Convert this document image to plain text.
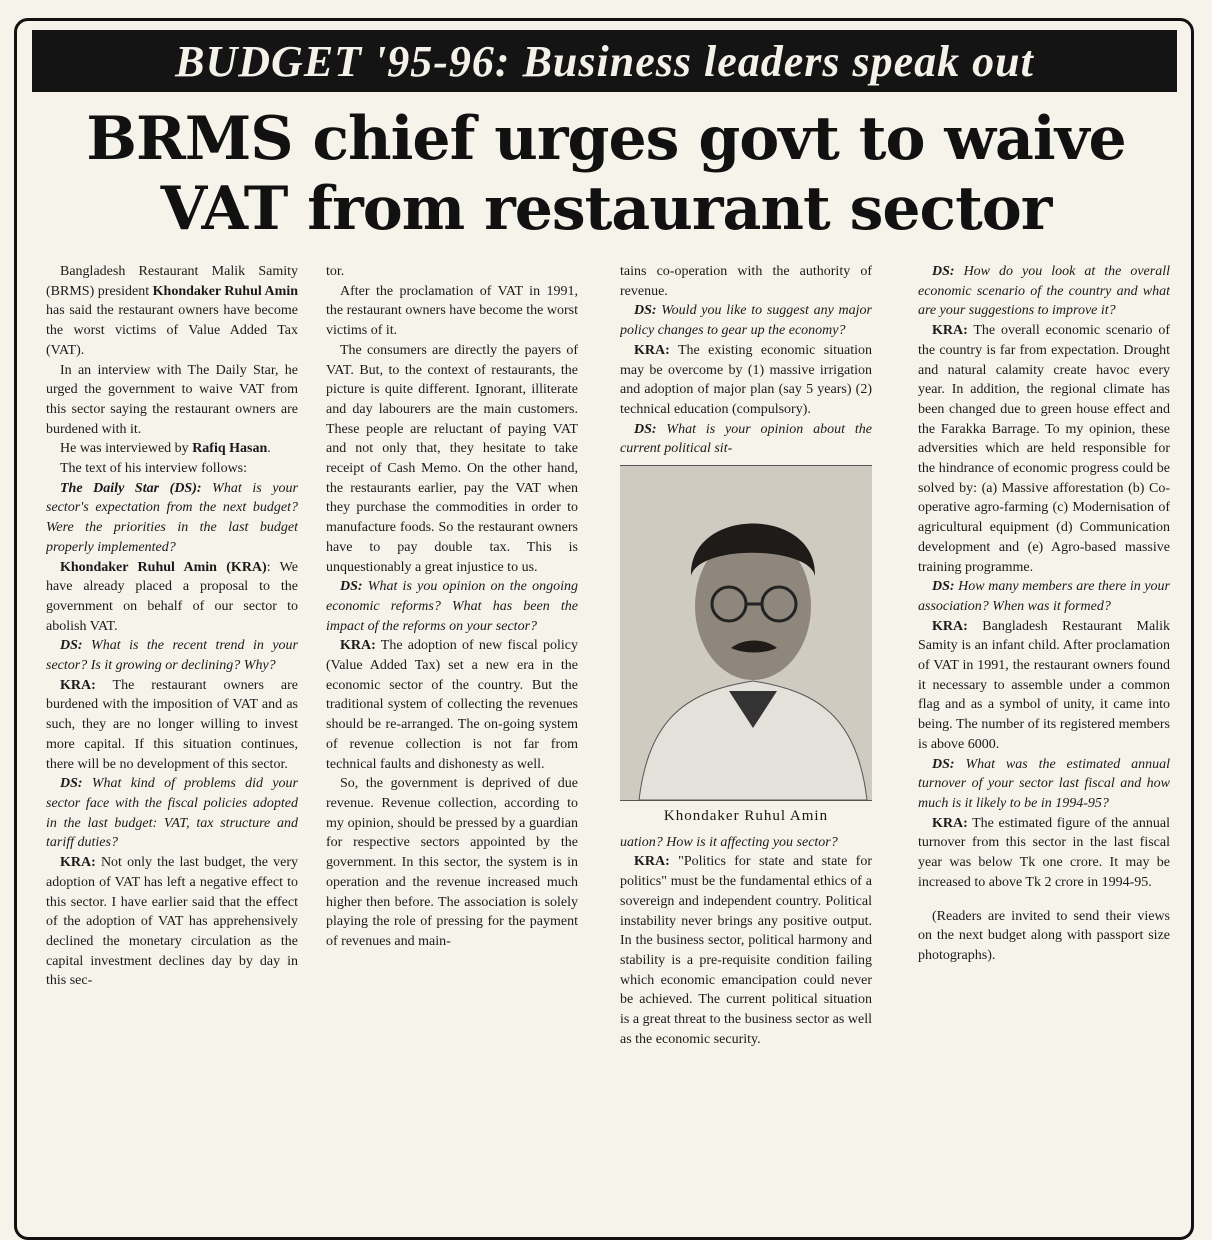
BUDGET '95-96: Business leaders speak out
BRMS chief urges govt to waive
VAT from restaurant sector

Bangladesh Restaurant Malik Samity (BRMS) president Khondaker Ruhul Amin has said the restaurant owners have become the worst victims of Value Added Tax (VAT).

In an interview with The Daily Star, he urged the government to waive VAT from this sector saying the restaurant owners are burdened with it.

He was interviewed by Rafiq Hasan.

The text of his interview follows:

The Daily Star (DS): What is your sector's expectation from the next budget? Were the priorities in the last budget properly implemented?

Khondaker Ruhul Amin (KRA): We have already placed a proposal to the government on behalf of our sector to abolish VAT.

DS: What is the recent trend in your sector? Is it growing or declining? Why?

KRA: The restaurant owners are burdened with the imposition of VAT and as such, they are no longer willing to invest more capital. If this situation continues, there will be no development of this sector.

DS: What kind of problems did your sector face with the fiscal policies adopted in the last budget: VAT, tax structure and tariff duties?

KRA: Not only the last budget, the very adoption of VAT has left a negative effect to this sector. I have earlier said that the effect of the adoption of VAT has apprehensively declined the monetary circulation as the capital investment declines day by day in this sec-

tor.

After the proclamation of VAT in 1991, the restaurant owners have become the worst victims of it.

The consumers are directly the payers of VAT. But, to the context of restaurants, the picture is quite different. Ignorant, illiterate and day labourers are the main customers. These people are reluctant of paying VAT and not only that, they hesitate to take receipt of Cash Memo. On the other hand, the restaurants earlier, pay the VAT when they purchase the commodities in order to manufacture foods. So the restaurant owners have to pay double tax. This is unquestionably a great injustice to us.

DS: What is you opinion on the ongoing economic reforms? What has been the impact of the reforms on your sector?

KRA: The adoption of new fiscal policy (Value Added Tax) set a new era in the economic sector of the country. But the traditional system of collecting the revenues should be re-arranged. The on-going system of revenue collection is not far from technical faults and dishonesty as well.

So, the government is deprived of due revenue. Revenue collection, according to my opinion, should be pressed by a guardian for respective sectors appointed by the government. In this sector, the system is in operation and the revenue increased much higher then before. The association is solely playing the role of pressing for the payment of revenues and main-

tains co-operation with the authority of revenue.

DS: Would you like to suggest any major policy changes to gear up the economy?

KRA: The existing economic situation may be overcome by (1) massive irrigation and adoption of major plan (say 5 years) (2) technical education (compulsory).

DS: What is your opinion about the current political sit-

Khondaker Ruhul Amin

uation? How is it affecting you sector?

KRA: "Politics for state and state for politics" must be the fundamental ethics of a sovereign and independent country. Political instability never brings any positive output. In the business sector, political harmony and stability is a pre-requisite condition failing which economic emancipation could never be achieved. The current political situation is a great threat to the business sector as well as the economic security.

DS: How do you look at the overall economic scenario of the country and what are your suggestions to improve it?

KRA: The overall economic scenario of the country is far from expectation. Drought and natural calamity create havoc every year. In addition, the regional climate has been changed due to green house effect and the Farakka Barrage. To my opinion, these adversities which are held responsible for the hindrance of economic progress could be solved by: (a) Massive afforestation (b) Co-operative agro-farming (c) Modernisation of agricultural equipment (d) Communication development and (e) Agro-based massive training programme.

DS: How many members are there in your association? When was it formed?

KRA: Bangladesh Restaurant Malik Samity is an infant child. After proclamation of VAT in 1991, the restaurant owners found it necessary to assemble under a common flag and as a symbol of unity, it came into being. The number of its registered members is above 6000.

DS: What was the estimated annual turnover of your sector last fiscal and how much is it likely to be in 1994-95?

KRA: The estimated figure of the annual turnover from this sector in the last fiscal year was below Tk one crore. It may be increased to above Tk 2 crore in 1994-95.

(Readers are invited to send their views on the next budget along with passport size photographs).
